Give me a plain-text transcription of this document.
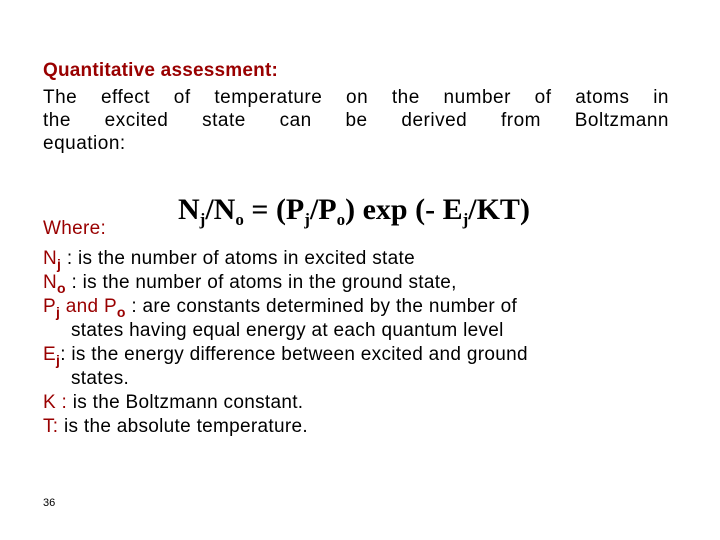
Quantitative assessment:
The effect of temperature on the number of atoms in
the excited state can be derived from Boltzmann
equation:
$N_j/N_o = (P_j/P_o)$ exp (- $E_j/KT$)
Where:
$N_j$ : is the number of atoms in excited state
$N_o$ : is the number of atoms in the ground state,
$P_j$ and $P_o$ : are constants determined by the number of
states having equal energy at each quantum level
$E_j$: is the energy difference between excited and ground
states.
K : is the Boltzmann constant.
T: is the absolute temperature.
36
